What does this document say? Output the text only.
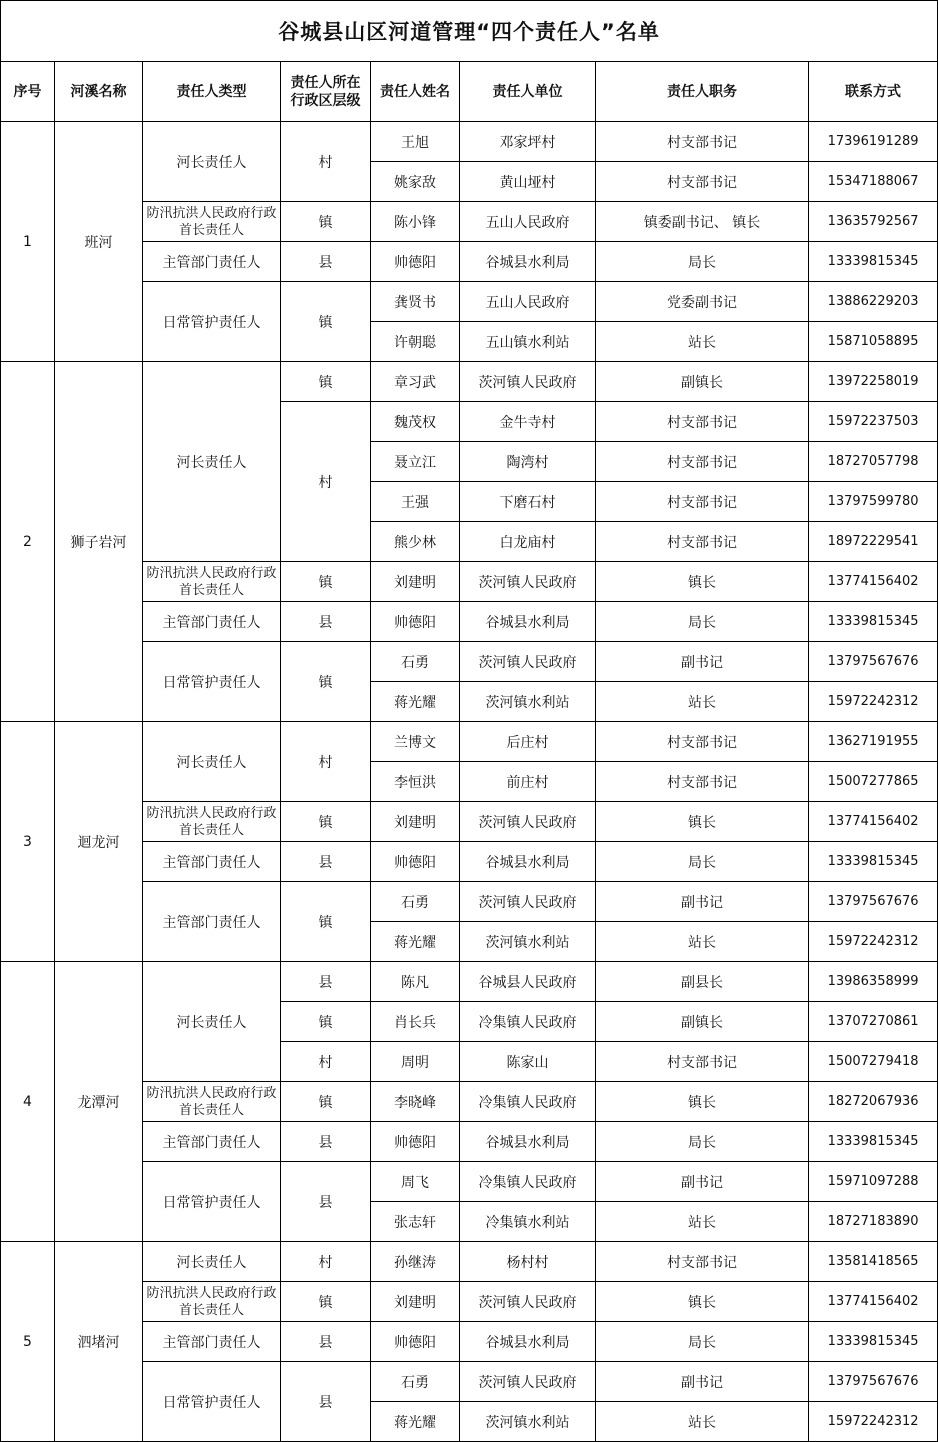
谷城县山区河道管理“四个责任人”名单							
序号	河溪名称	责任人类型	责任人所在行政区层级	责任人姓名	责任人单位	责任人职务	联系方式
1	班河	河长责任人	村	王旭	邓家坪村	村支部书记	17396191289
				姚家敌	黄山垭村	村支部书记	15347188067
		防汛抗洪人民政府行政首长责任人	镇	陈小锋	五山人民政府	镇委副书记、 镇长	13635792567
		主管部门责任人	县	帅德阳	谷城县水利局	局长	13339815345
		日常管护责任人	镇	龚贤书	五山人民政府	党委副书记	13886229203
				许朝聪	五山镇水利站	站长	15871058895
2	狮子岩河	河长责任人	镇	章习武	茨河镇人民政府	副镇长	13972258019
			村	魏茂权	金牛寺村	村支部书记	15972237503
				聂立江	陶湾村	村支部书记	18727057798
				王强	下磨石村	村支部书记	13797599780
				熊少林	白龙庙村	村支部书记	18972229541
		防汛抗洪人民政府行政首长责任人	镇	刘建明	茨河镇人民政府	镇长	13774156402
		主管部门责任人	县	帅德阳	谷城县水利局	局长	13339815345
		日常管护责任人	镇	石勇	茨河镇人民政府	副书记	13797567676
				蒋光耀	茨河镇水利站	站长	15972242312
3	迴龙河	河长责任人	村	兰博文	后庄村	村支部书记	13627191955
				李恒洪	前庄村	村支部书记	15007277865
		防汛抗洪人民政府行政首长责任人	镇	刘建明	茨河镇人民政府	镇长	13774156402
		主管部门责任人	县	帅德阳	谷城县水利局	局长	13339815345
		主管部门责任人	镇	石勇	茨河镇人民政府	副书记	13797567676
				蒋光耀	茨河镇水利站	站长	15972242312
4	龙潭河	河长责任人	县	陈凡	谷城县人民政府	副县长	13986358999
			镇	肖长兵	冷集镇人民政府	副镇长	13707270861
			村	周明	陈家山	村支部书记	15007279418
		防汛抗洪人民政府行政首长责任人	镇	李晓峰	冷集镇人民政府	镇长	18272067936
		主管部门责任人	县	帅德阳	谷城县水利局	局长	13339815345
		日常管护责任人	县	周飞	冷集镇人民政府	副书记	15971097288
				张志轩	冷集镇水利站	站长	18727183890
5	泗堵河	河长责任人	村	孙继涛	杨村村	村支部书记	13581418565
		防汛抗洪人民政府行政首长责任人	镇	刘建明	茨河镇人民政府	镇长	13774156402
		主管部门责任人	县	帅德阳	谷城县水利局	局长	13339815345
		日常管护责任人	县	石勇	茨河镇人民政府	副书记	13797567676
				蒋光耀	茨河镇水利站	站长	15972242312
